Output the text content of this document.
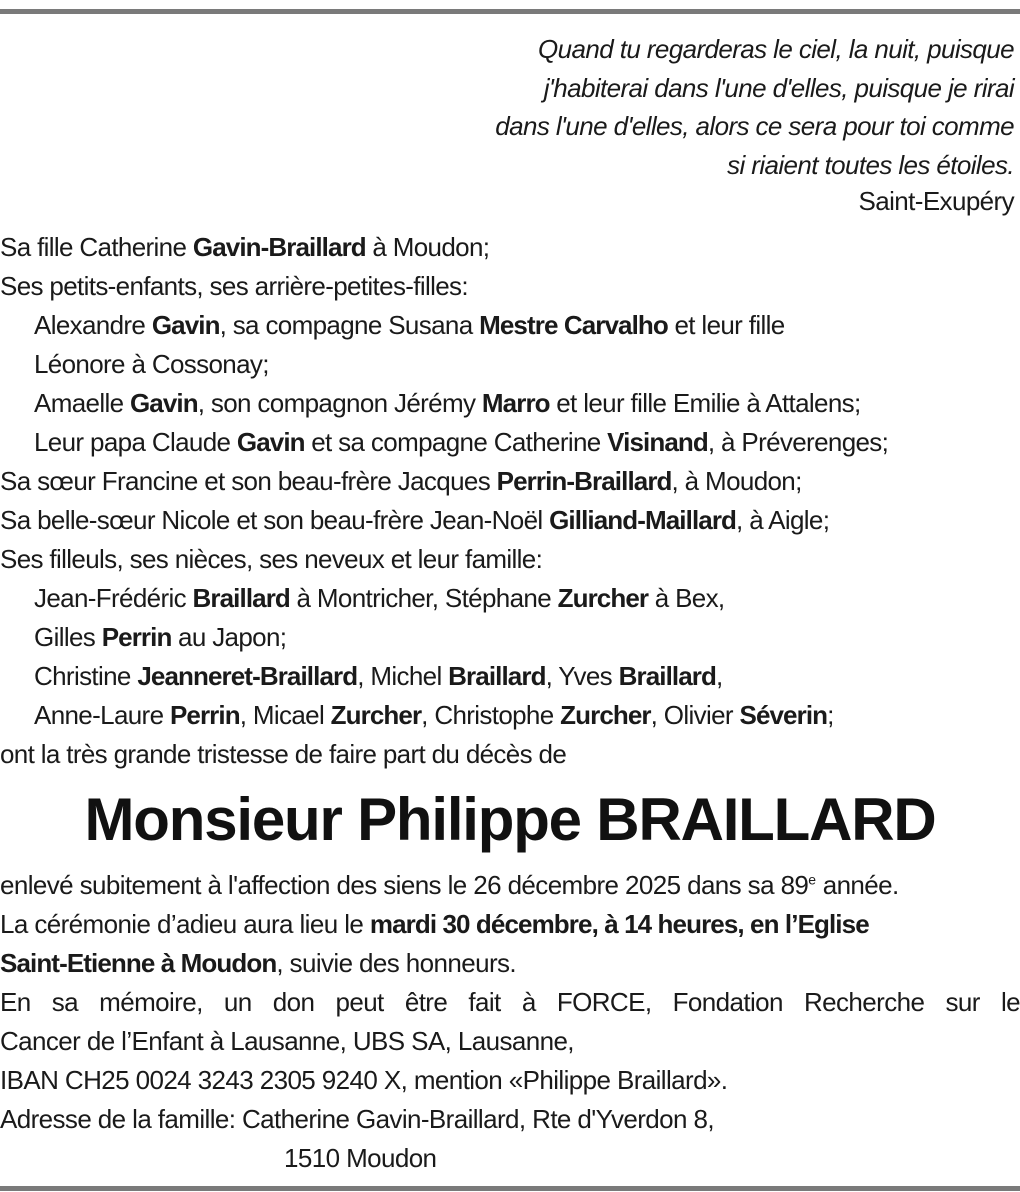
Quand tu regarderas le ciel, la nuit, puisque
j'habiterai dans l'une d'elles, puisque je rirai
dans l'une d'elles, alors ce sera pour toi comme
si riaient toutes les étoiles.
Saint-Exupéry
Sa fille Catherine Gavin-Braillard à Moudon;
Ses petits-enfants, ses arrière-petites-filles:
Alexandre Gavin, sa compagne Susana Mestre Carvalho et leur fille
Léonore à Cossonay;
Amaelle Gavin, son compagnon Jérémy Marro et leur fille Emilie à Attalens;
Leur papa Claude Gavin et sa compagne Catherine Visinand, à Préverenges;
Sa sœur Francine et son beau-frère Jacques Perrin-Braillard, à Moudon;
Sa belle-sœur Nicole et son beau-frère Jean-Noël Gilliand-Maillard, à Aigle;
Ses filleuls, ses nièces, ses neveux et leur famille:
Jean-Frédéric Braillard à Montricher, Stéphane Zurcher à Bex,
Gilles Perrin au Japon;
Christine Jeanneret-Braillard, Michel Braillard, Yves Braillard,
Anne-Laure Perrin, Micael Zurcher, Christophe Zurcher, Olivier Séverin;
ont la très grande tristesse de faire part du décès de
Monsieur Philippe BRAILLARD
enlevé subitement à l'affection des siens le 26 décembre 2025 dans sa 89e année.
La cérémonie d’adieu aura lieu le mardi 30 décembre, à 14 heures, en l’Eglise
Saint-Etienne à Moudon, suivie des honneurs.
En sa mémoire, un don peut être fait à FORCE, Fondation Recherche sur le
Cancer de l’Enfant à Lausanne, UBS SA, Lausanne,
IBAN CH25 0024 3243 2305 9240 X, mention «Philippe Braillard».
Adresse de la famille: Catherine Gavin-Braillard, Rte d'Yverdon 8,
1510 Moudon
